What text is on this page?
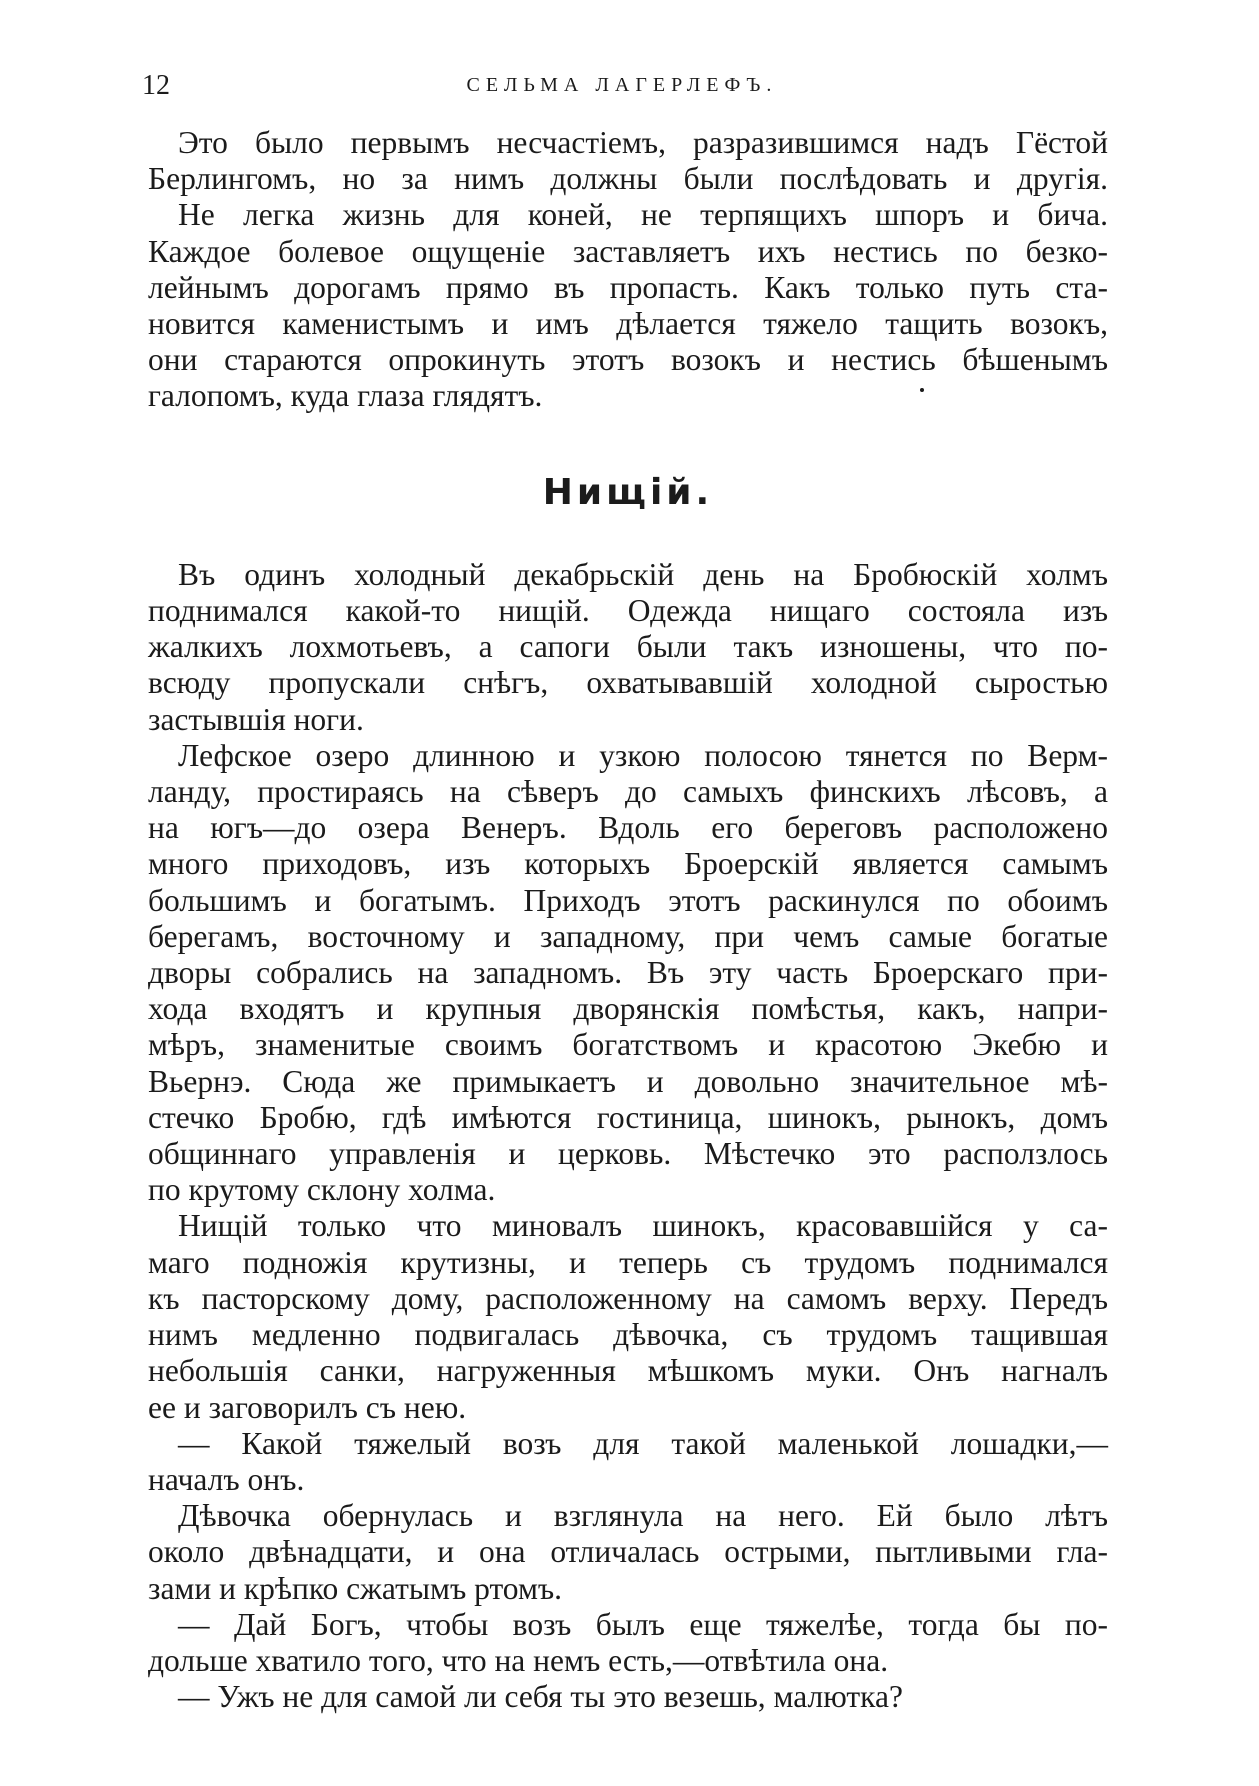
12	СЕЛЬМА ЛАГЕРЛЕФЪ.
Это было первымъ несчастіемъ, разразившимся надъ Гёстой
Берлингомъ, но за нимъ должны были послѣдовать и другія.
Не легка жизнь для коней, не терпящихъ шпоръ и бича.
Каждое болевое ощущеніе заставляетъ ихъ нестись по безко-
лейнымъ дорогамъ прямо въ пропасть. Какъ только путь ста-
новится каменистымъ и имъ дѣлается тяжело тащить возокъ,
они стараются опрокинуть этотъ возокъ и нестись бѣшенымъ
галопомъ, куда глаза глядятъ.
Нищій.
Въ одинъ холодный декабрьскій день на Бробюскій холмъ
поднимался какой-то нищій. Одежда нищаго состояла изъ
жалкихъ лохмотьевъ, а сапоги были такъ изношены, что по-
всюду пропускали снѣгъ, охватывавшій холодной сыростью
застывшія ноги.
Лефское озеро длинною и узкою полосою тянется по Верм-
ланду, простираясь на сѣверъ до самыхъ финскихъ лѣсовъ, а
на югъ—до озера Венеръ. Вдоль его береговъ расположено
много приходовъ, изъ которыхъ Броерскій является самымъ
большимъ и богатымъ. Приходъ этотъ раскинулся по обоимъ
берегамъ, восточному и западному, при чемъ самые богатые
дворы собрались на западномъ. Въ эту часть Броерскаго при-
хода входятъ и крупныя дворянскія помѣстья, какъ, напри-
мѣръ, знаменитые своимъ богатствомъ и красотою Экебю и
Вьернэ. Сюда же примыкаетъ и довольно значительное мѣ-
стечко Бробю, гдѣ имѣются гостиница, шинокъ, рынокъ, домъ
общиннаго управленія и церковь. Мѣстечко это расползлось
по крутому склону холма.
Нищій только что миновалъ шинокъ, красовавшійся у са-
маго подножія крутизны, и теперь съ трудомъ поднимался
къ пасторскому дому, расположенному на самомъ верху. Передъ
нимъ медленно подвигалась дѣвочка, съ трудомъ тащившая
небольшія санки, нагруженныя мѣшкомъ муки. Онъ нагналъ
ее и заговорилъ съ нею.
— Какой тяжелый возъ для такой маленькой лошадки,—
началъ онъ.
Дѣвочка обернулась и взглянула на него. Ей было лѣтъ
около двѣнадцати, и она отличалась острыми, пытливыми гла-
зами и крѣпко сжатымъ ртомъ.
— Дай Богъ, чтобы возъ былъ еще тяжелѣе, тогда бы по-
дольше хватило того, что на немъ есть,—отвѣтила она.
— Ужъ не для самой ли себя ты это везешь, малютка?
